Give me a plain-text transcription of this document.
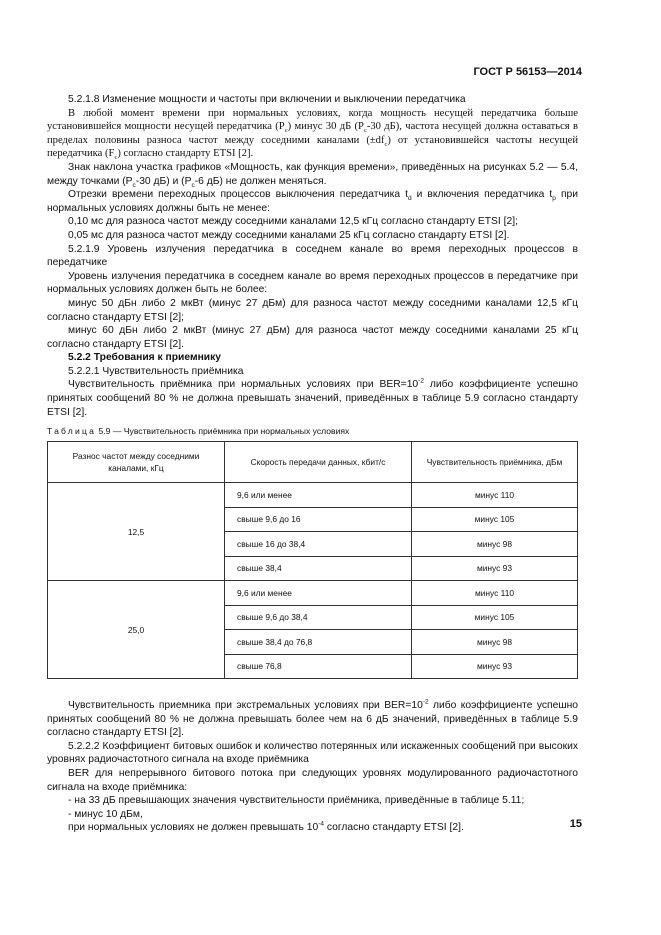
ГОСТ Р 56153—2014

5.2.1.8 Изменение мощности и частоты при включении и выключении передатчика

В любой момент времени при нормальных условиях, когда мощность несущей передатчика больше установившейся мощности несущей передатчика $(P_c)$ минус 30 дБ ($P_c-30$ дБ), частота несущей должна оставаться в пределах половины разноса частот между соседними каналами $(\pm df_c)$ от установившейся частоты несущей передатчика $(F_c)$ согласно стандарту ETSI [2].

Знак наклона участка графиков «Мощность, как функция времени», приведённых на рисунках 5.2 — 5.4, между точками ($P_c-30$ дБ) и ($P_c-6$ дБ) не должен меняться.

Отрезки времени переходных процессов выключения передатчика $t_d$ и включения передатчика $t_p$ при нормальных условиях должны быть не менее:

0,10 мс для разноса частот между соседними каналами 12,5 кГц согласно стандарту ETSI [2];

0,05 мс для разноса частот между соседними каналами 25 кГц согласно стандарту ETSI [2].

5.2.1.9 Уровень излучения передатчика в соседнем канале во время переходных процессов в передатчике

Уровень излучения передатчика в соседнем канале во время переходных процессов в передатчике при нормальных условиях должен быть не более:

минус 50 дБн либо 2 мкВт (минус 27 дБм) для разноса частот между соседними каналами 12,5 кГц согласно стандарту ETSI [2];

минус 60 дБн либо 2 мкВт (минус 27 дБм) для разноса частот между соседними каналами 25 кГц согласно стандарту ETSI [2].

5.2.2 Требования к приемнику

5.2.2.1 Чувствительность приёмника

Чувствительность приёмника при нормальных условиях при $BER=10^{-2}$ либо коэффициенте успешно принятых сообщений 80 % не должна превышать значений, приведённых в таблице 5.9 согласно стандарту ETSI [2].

Таблица 5.9 — Чувствительность приёмника при нормальных условиях
Разнос частот между соседними каналами, кГц	Скорость передачи данных, кбит/с	Чувствительность приёмника, дБм
12,5	9,6 или менее	минус 110
	свыше 9,6 до 16	минус 105
	свыше 16 до 38,4	минус 98
	свыше 38,4	минус 93
25,0	9,6 или менее	минус 110
	свыше 9,6 до 38,4	минус 105
	свыше 38,4 до 76,8	минус 98
	свыше 76,8	минус 93

Чувствительность приемника при экстремальных условиях при $BER=10^{-2}$ либо коэффициенте успешно принятых сообщений 80 % не должна превышать более чем на 6 дБ значений, приведённых в таблице 5.9 согласно стандарту ETSI [2].

5.2.2.2 Коэффициент битовых ошибок и количество потерянных или искаженных сообщений при высоких уровнях радиочастотного сигнала на входе приёмника

BER для непрерывного битового потока при следующих уровнях модулированного радиочастотного сигнала на входе приёмника:

- на 33 дБ превышающих значения чувствительности приёмника, приведённые в таблице 5.11;

- минус 10 дБм,

при нормальных условиях не должен превышать $10^{-4}$ согласно стандарту ETSI [2].	15
